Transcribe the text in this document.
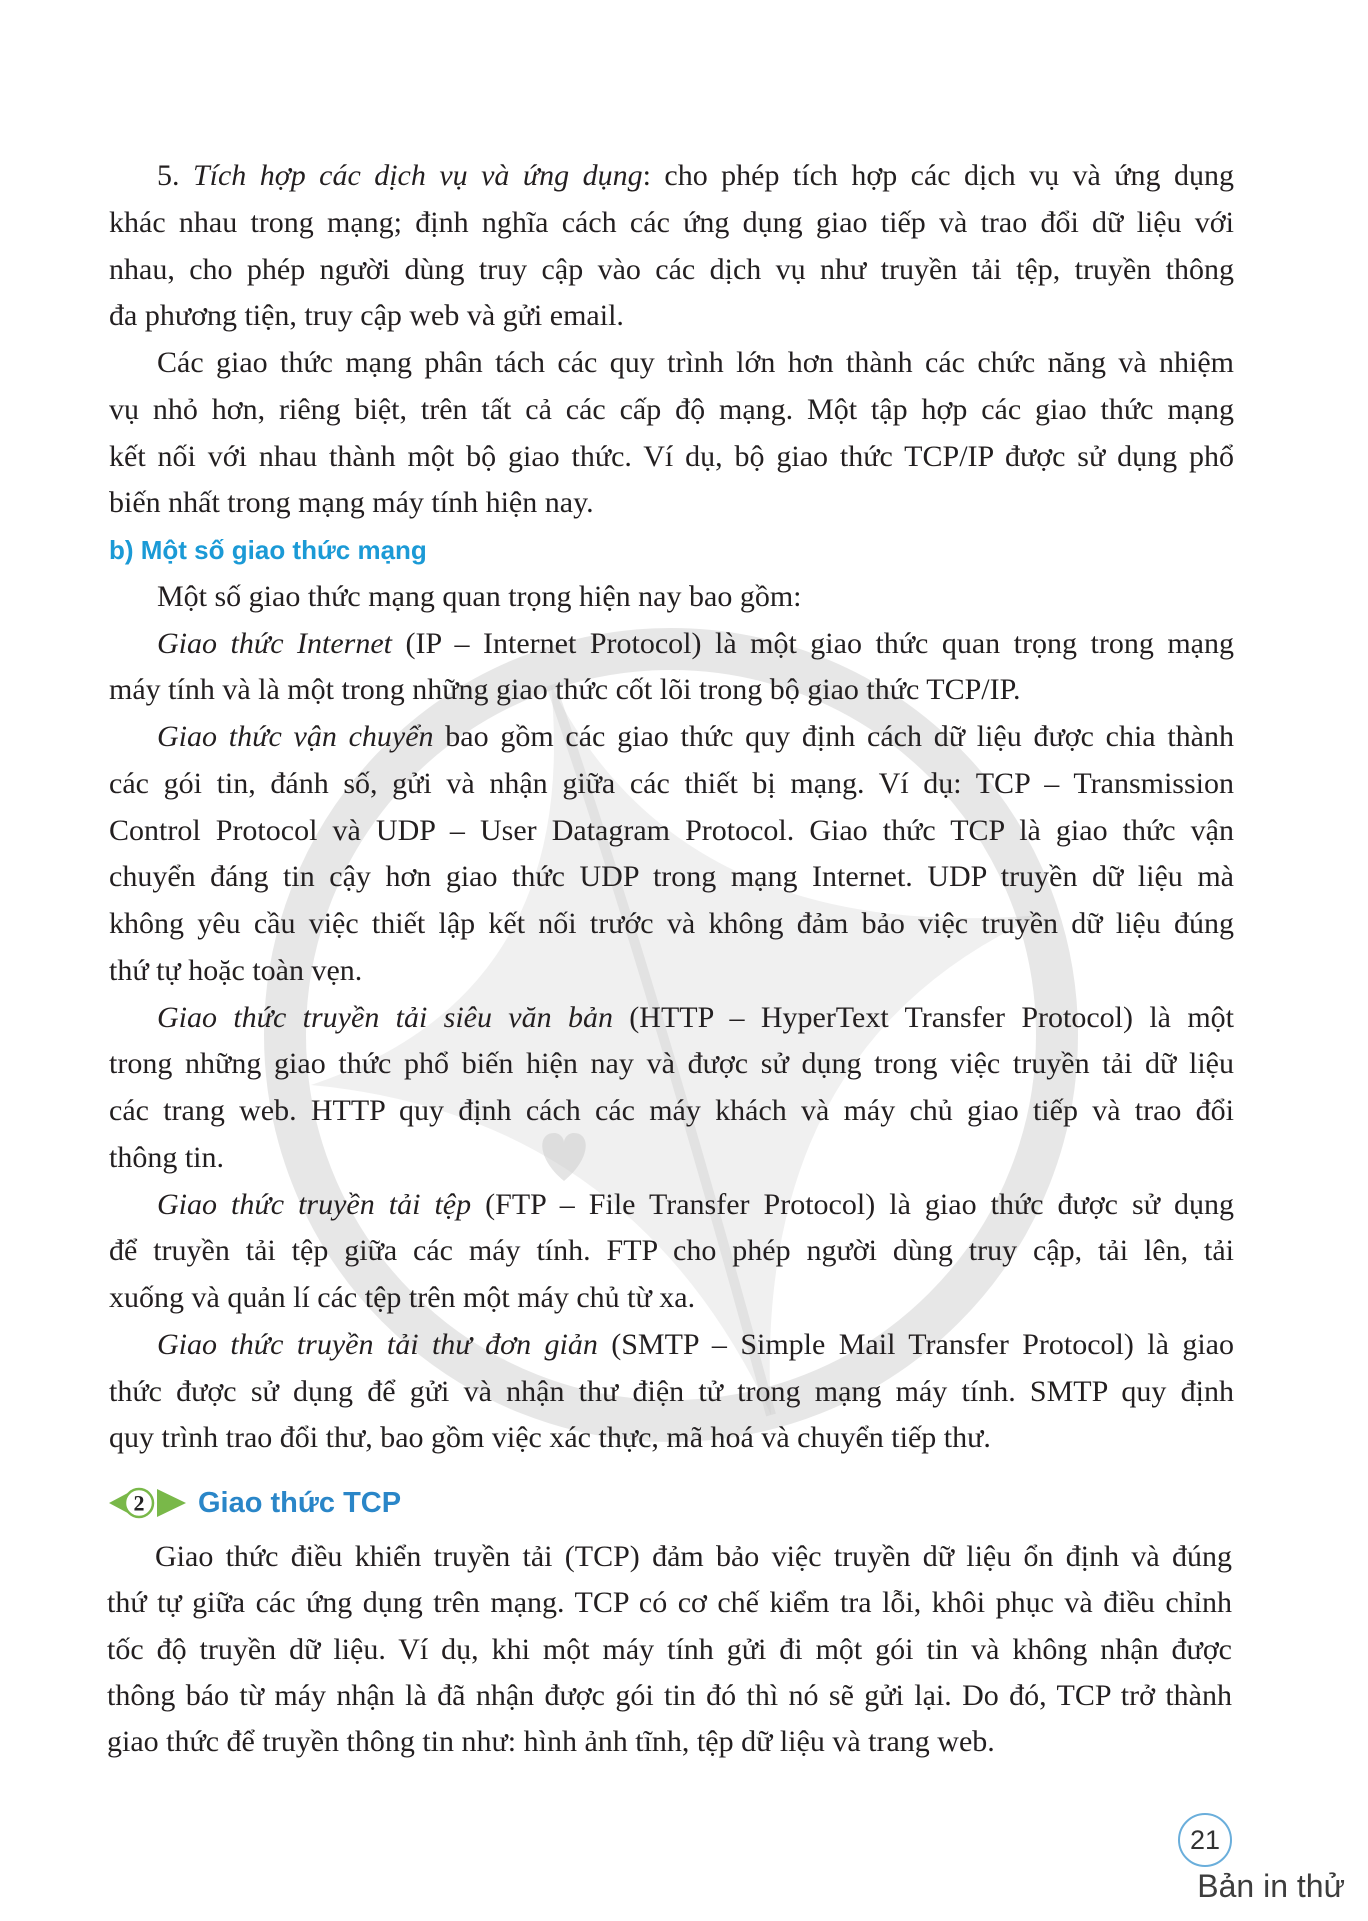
5. Tích hợp các dịch vụ và ứng dụng: cho phép tích hợp các dịch vụ và ứng dụng
khác nhau trong mạng; định nghĩa cách các ứng dụng giao tiếp và trao đổi dữ liệu với
nhau, cho phép người dùng truy cập vào các dịch vụ như truyền tải tệp, truyền thông
đa phương tiện, truy cập web và gửi email.
Các giao thức mạng phân tách các quy trình lớn hơn thành các chức năng và nhiệm
vụ nhỏ hơn, riêng biệt, trên tất cả các cấp độ mạng. Một tập hợp các giao thức mạng
kết nối với nhau thành một bộ giao thức. Ví dụ, bộ giao thức TCP/IP được sử dụng phổ
biến nhất trong mạng máy tính hiện nay.
b) Một số giao thức mạng
Một số giao thức mạng quan trọng hiện nay bao gồm:
Giao thức Internet (IP – Internet Protocol) là một giao thức quan trọng trong mạng
máy tính và là một trong những giao thức cốt lõi trong bộ giao thức TCP/IP.
Giao thức vận chuyển bao gồm các giao thức quy định cách dữ liệu được chia thành
các gói tin, đánh số, gửi và nhận giữa các thiết bị mạng. Ví dụ: TCP – Transmission
Control Protocol và UDP – User Datagram Protocol. Giao thức TCP là giao thức vận
chuyển đáng tin cậy hơn giao thức UDP trong mạng Internet. UDP truyền dữ liệu mà
không yêu cầu việc thiết lập kết nối trước và không đảm bảo việc truyền dữ liệu đúng
thứ tự hoặc toàn vẹn.
Giao thức truyền tải siêu văn bản (HTTP – HyperText Transfer Protocol) là một
trong những giao thức phổ biến hiện nay và được sử dụng trong việc truyền tải dữ liệu
các trang web. HTTP quy định cách các máy khách và máy chủ giao tiếp và trao đổi
thông tin.
Giao thức truyền tải tệp (FTP – File Transfer Protocol) là giao thức được sử dụng
để truyền tải tệp giữa các máy tính. FTP cho phép người dùng truy cập, tải lên, tải
xuống và quản lí các tệp trên một máy chủ từ xa.
Giao thức truyền tải thư đơn giản (SMTP – Simple Mail Transfer Protocol) là giao
thức được sử dụng để gửi và nhận thư điện tử trong mạng máy tính. SMTP quy định
quy trình trao đổi thư, bao gồm việc xác thực, mã hoá và chuyển tiếp thư.
2 Giao thức TCP
Giao thức điều khiển truyền tải (TCP) đảm bảo việc truyền dữ liệu ổn định và đúng
thứ tự giữa các ứng dụng trên mạng. TCP có cơ chế kiểm tra lỗi, khôi phục và điều chỉnh
tốc độ truyền dữ liệu. Ví dụ, khi một máy tính gửi đi một gói tin và không nhận được
thông báo từ máy nhận là đã nhận được gói tin đó thì nó sẽ gửi lại. Do đó, TCP trở thành
giao thức để truyền thông tin như: hình ảnh tĩnh, tệp dữ liệu và trang web.
21
Bản in thử
